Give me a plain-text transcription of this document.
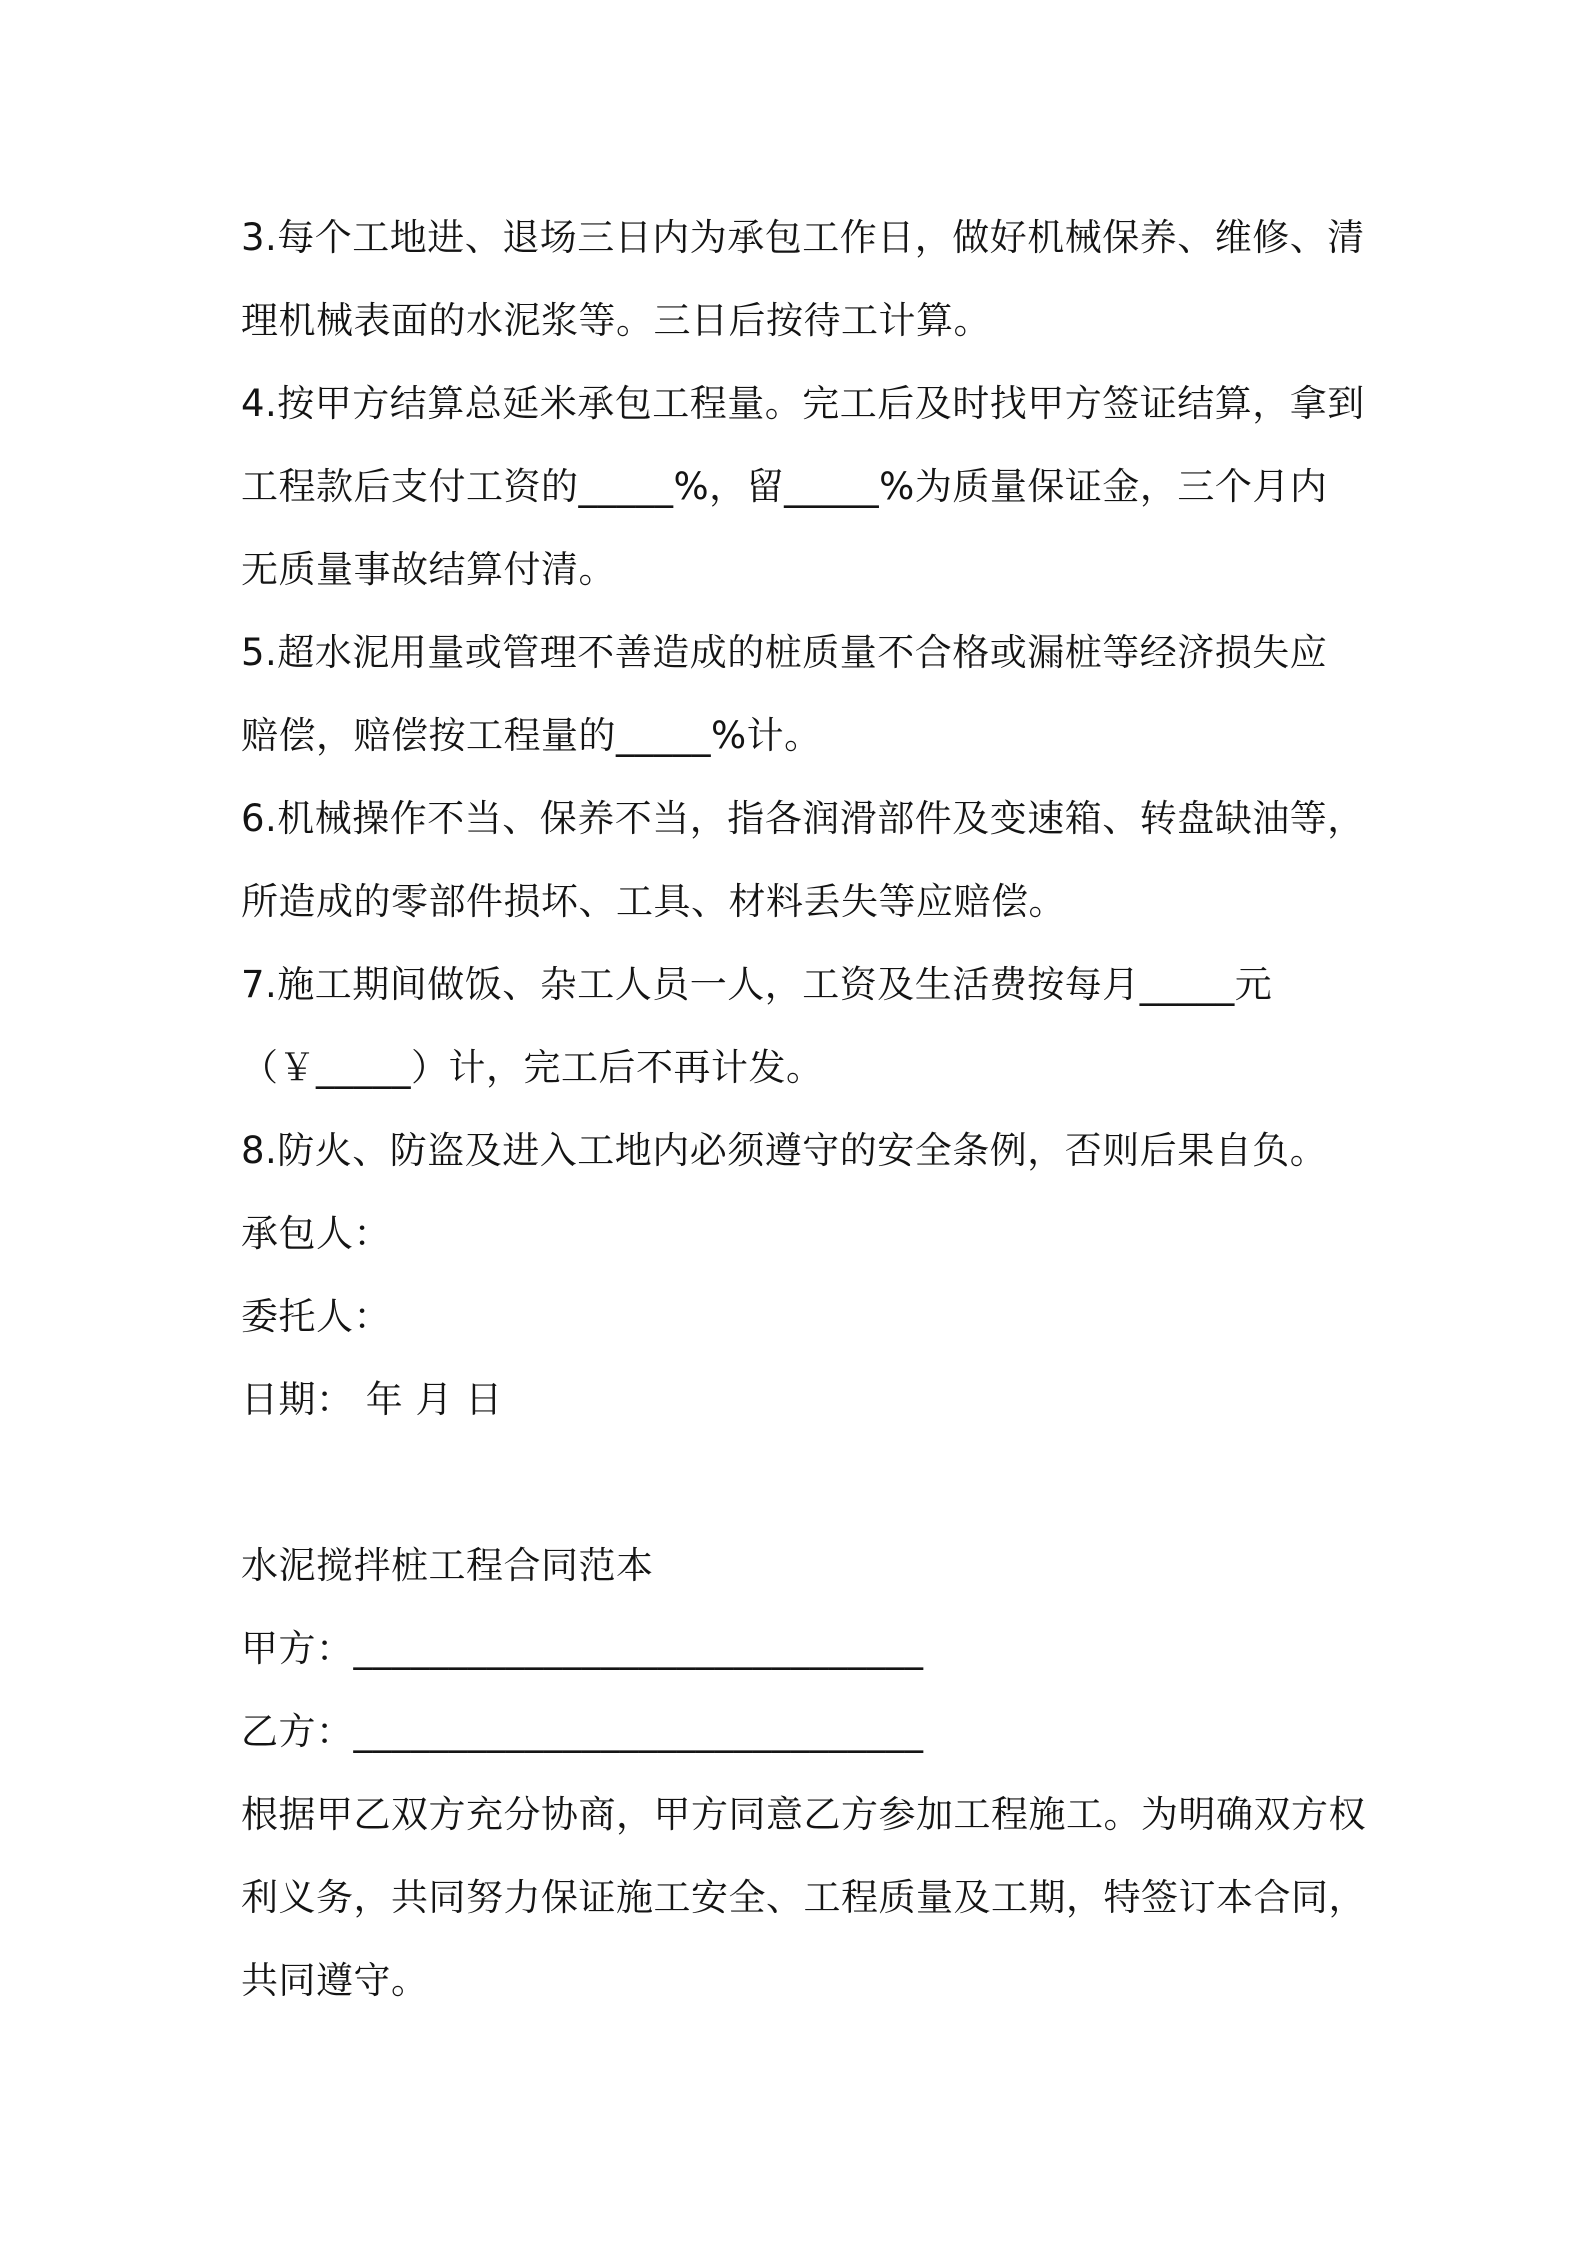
3.每个工地进、退场三日内为承包工作日，做好机械保养、维修、清
理机械表面的水泥浆等。三日后按待工计算。
4.按甲方结算总延米承包工程量。完工后及时找甲方签证结算，拿到
工程款后支付工资的_____%，留_____%为质量保证金，三个月内
无质量事故结算付清。
5.超水泥用量或管理不善造成的桩质量不合格或漏桩等经济损失应
赔偿，赔偿按工程量的_____%计。
6.机械操作不当、保养不当，指各润滑部件及变速箱、转盘缺油等，
所造成的零部件损坏、工具、材料丢失等应赔偿。
7.施工期间做饭、杂工人员一人，工资及生活费按每月_____元
（￥_____）计，完工后不再计发。
8.防火、防盗及进入工地内必须遵守的安全条例，否则后果自负。
承包人：
委托人：
日期： 年 月 日
水泥搅拌桩工程合同范本
甲方：______________________________
乙方：______________________________
根据甲乙双方充分协商，甲方同意乙方参加工程施工。为明确双方权
利义务，共同努力保证施工安全、工程质量及工期，特签订本合同，
共同遵守。
